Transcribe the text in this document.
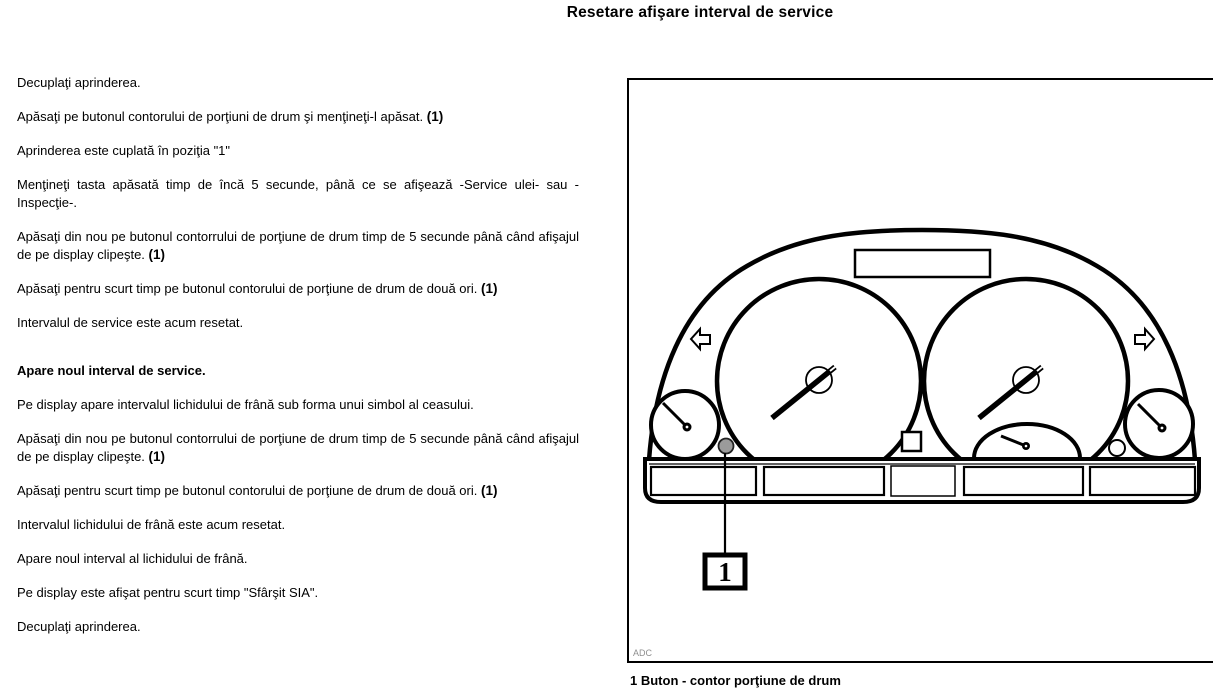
Resetare afişare interval de service

Decuplaţi aprinderea.

Apăsaţi pe butonul contorului de porţiuni de drum şi menţineţi-l apăsat. (1)

Aprinderea este cuplată în poziţia "1"

Menţineţi tasta apăsată timp de încă 5 secunde, până ce se afişează -Service ulei- sau -Inspecţie-.

Apăsaţi din nou pe butonul contorrului de porţiune de drum timp de 5 secunde până când afişajul de pe display clipeşte. (1)

Apăsaţi pentru scurt timp pe butonul contorului de porţiune de drum de două ori. (1)

Intervalul de service este acum resetat.

Apare noul interval de service.

Pe display apare intervalul lichidului de frână sub forma unui simbol al ceasului.

Apăsaţi din nou pe butonul contorrului de porţiune de drum timp de 5 secunde până când afişajul de pe display clipeşte. (1)

Apăsaţi pentru scurt timp pe butonul contorului de porţiune de drum de două ori. (1)

Intervalul lichidului de frână este acum resetat.

Apare noul interval al lichidului de frână.

Pe display este afişat pentru scurt timp "Sfârşit SIA".

Decuplaţi aprinderea.

1
ADC
1 Buton - contor porţiune de drum
